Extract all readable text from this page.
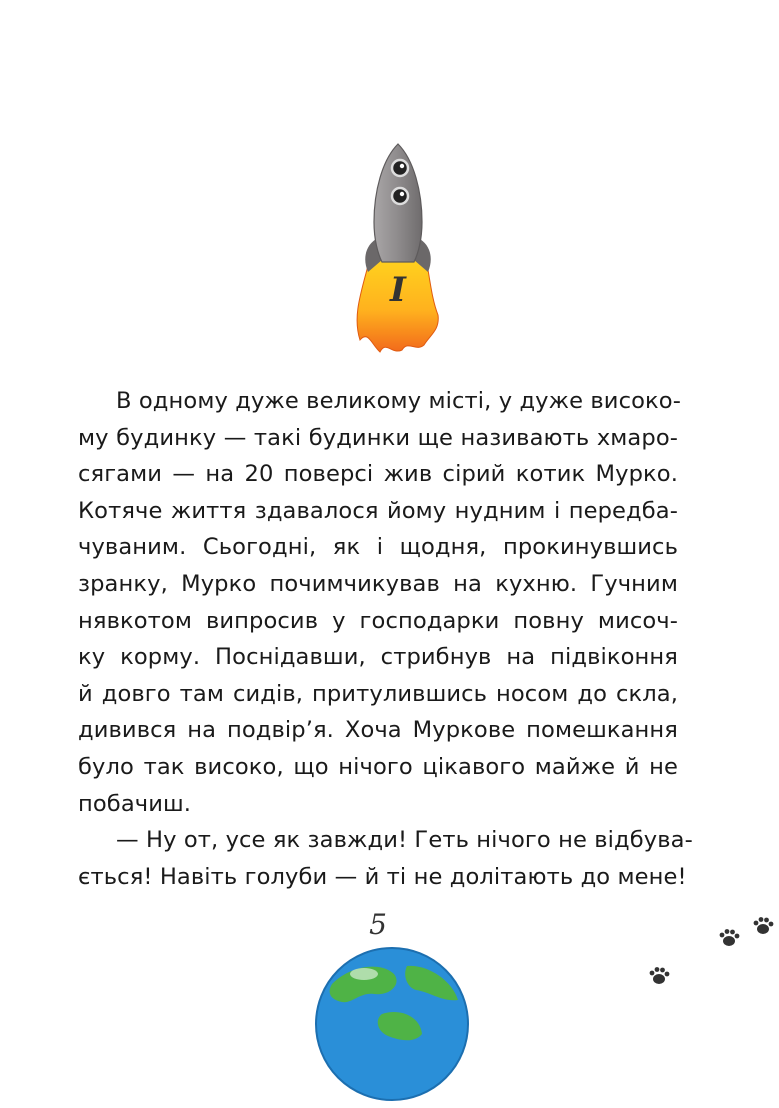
I
В одному дуже великому місті, у дуже високо-
му будинку — такі будинки ще називають хмаро-
сягами — на 20 поверсі жив сірий котик Мурко.
Котяче життя здавалося йому нудним і передба-
чуваним. Сьогодні, як і щодня, прокинувшись
зранку, Мурко почимчикував на кухню. Гучним
нявкотом випросив у господарки повну мисоч-
ку корму. Поснідавши, стрибнув на підвіконня
й довго там сидів, притулившись носом до скла,
дивився на подвір’я. Хоча Муркове помешкання
було так високо, що нічого цікавого майже й не
побачиш.
— Ну от, усе як завжди! Геть нічого не відбува-
ється! Навіть голуби — й ті не долітають до мене!
5
